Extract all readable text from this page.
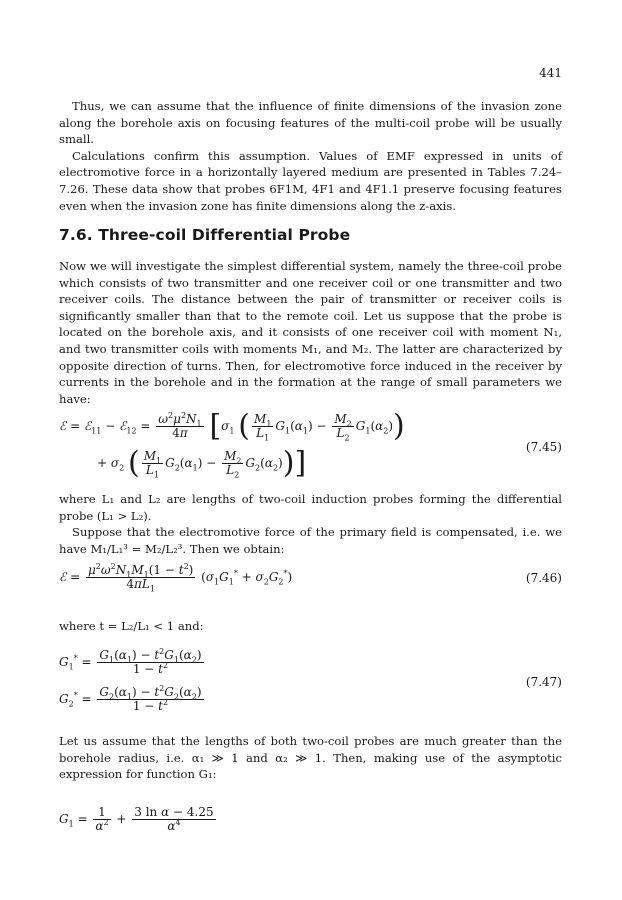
441

Thus, we can assume that the influence of finite dimensions of the invasion zone along the borehole axis on focusing features of the multi-coil probe will be usually small.

Calculations confirm this assumption. Values of EMF expressed in units of electromotive force in a horizontally layered medium are presented in Tables 7.24–7.26. These data show that probes 6F1M, 4F1 and 4F1.1 preserve focusing features even when the invasion zone has finite dimensions along the z-axis.

7.6. Three-coil Differential Probe

Now we will investigate the simplest differential system, namely the three-coil probe which consists of two transmitter and one receiver coil or one transmitter and two receiver coils. The distance between the pair of transmitter or receiver coils is significantly smaller than that to the remote coil. Let us suppose that the probe is located on the borehole axis, and it consists of one receiver coil with moment N₁, and two transmitter coils with moments M₁, and M₂. The latter are characterized by opposite direction of turns. Then, for electromotive force induced in the receiver by currents in the borehole and in the formation at the range of small parameters we have:

ℰ = ℰ$_{11}$ − ℰ$_{12}$ = $\frac{\omega^2\mu^2N_1}{4\pi} [\sigma_1$ ( $\frac{M_1}{L_1} G_1(\alpha_1) - \frac{M_2}{L_2} G_1(\alpha_2)$)
+ $\sigma_2$ ( $\frac{M_1}{L_1} G_2(\alpha_1) - \frac{M_2}{L_2} G_2(\alpha_2)$)]	(7.45)

where L₁ and L₂ are lengths of two-coil induction probes forming the differential probe (L₁ > L₂).

Suppose that the electromotive force of the primary field is compensated, i.e. we have M₁/L₁³ = M₂/L₂³. Then we obtain:

ℰ = $\frac{\mu^2\omega^2N_1M_1(1 - t^2)}{4\pi L_1} (\sigma_1G_1^* + \sigma_2G_2^*)$	(7.46)

where t = L₂/L₁ < 1 and:

$G_1^* = \frac{G_1(\alpha_1) - t^2G_1(\alpha_2)}{1 - t^2}$
$G_2^* = \frac{G_2(\alpha_1) - t^2G_2(\alpha_2)}{1 - t^2}$
(7.47)

Let us assume that the lengths of both two-coil probes are much greater than the borehole radius, i.e. α₁ ≫ 1 and α₂ ≫ 1. Then, making use of the asymptotic expression for function G₁:

$G_1 = \frac{1}{\alpha^2} + \frac{\text{3 ln α − 4.25}}{\alpha^4}$
